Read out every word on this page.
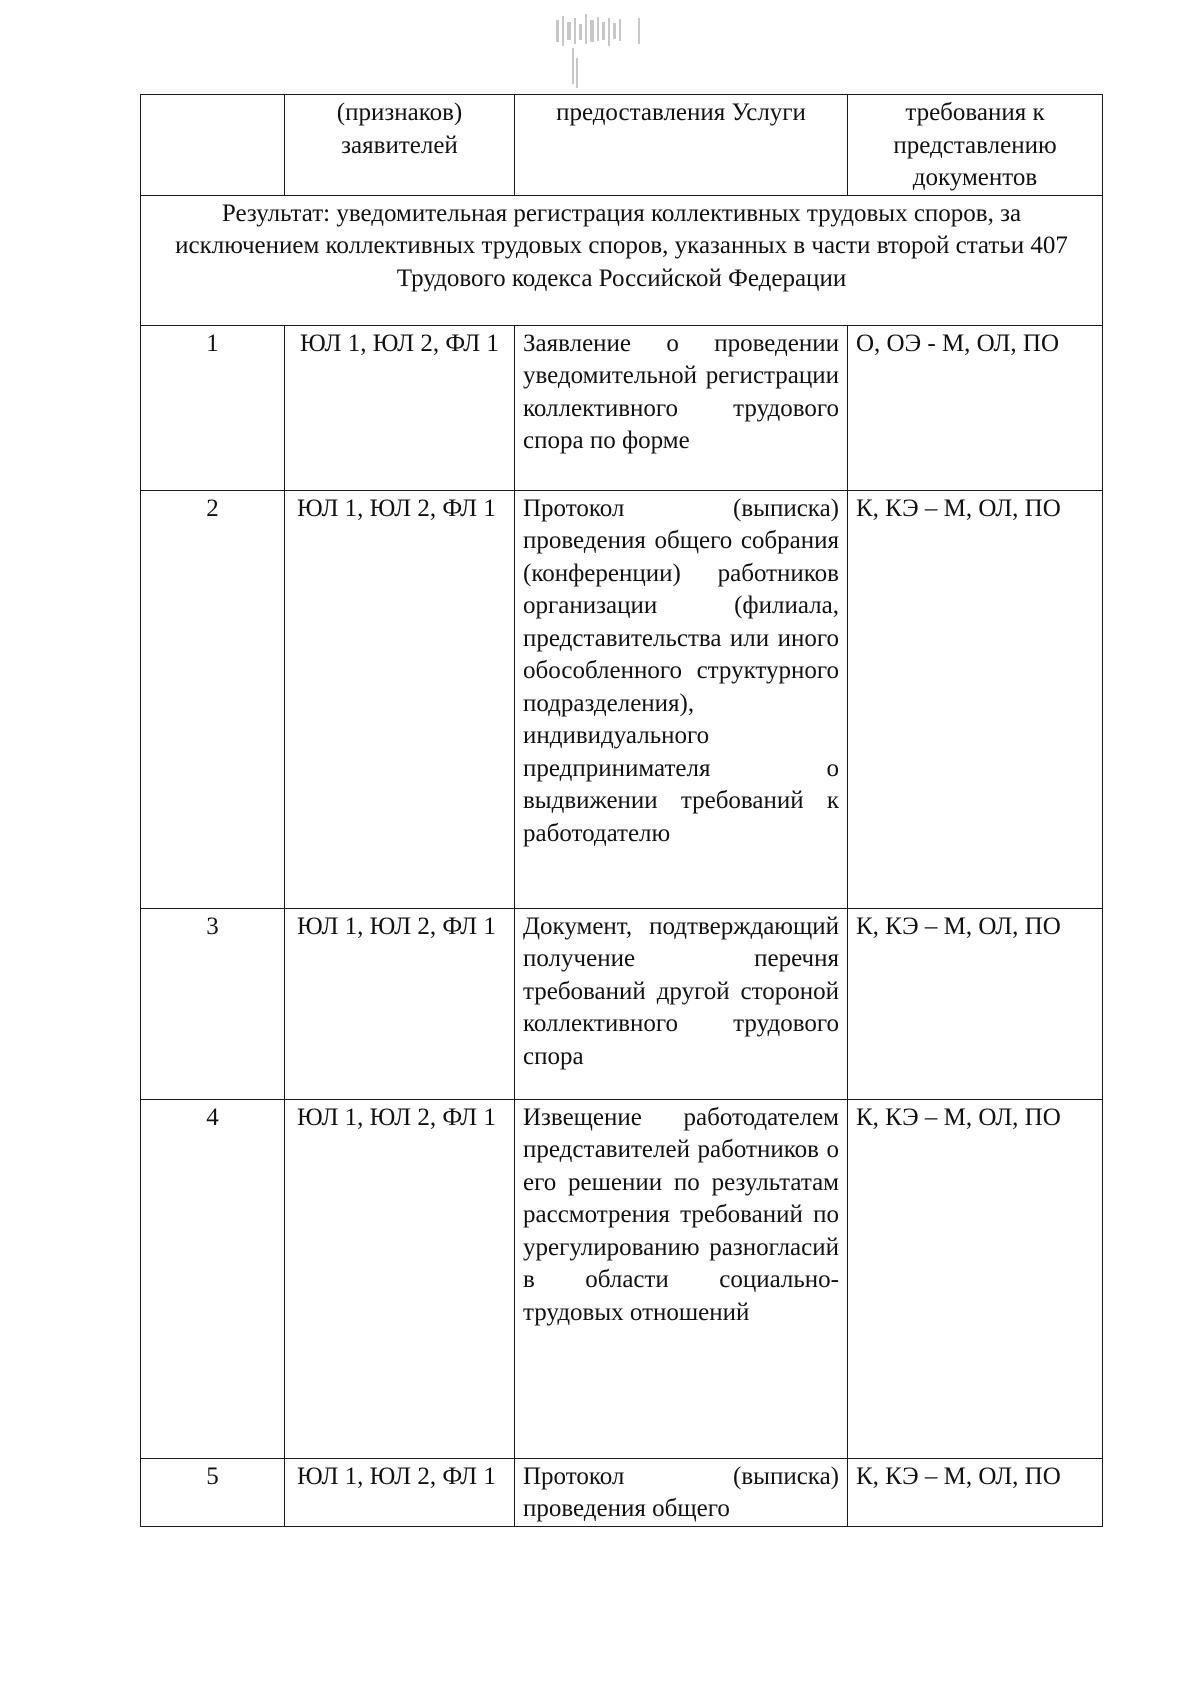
	(признаков) заявителей	предоставления Услуги	требования к представлению документов
Результат: уведомительная регистрация коллективных трудовых споров, за исключением коллективных трудовых споров, указанных в части второй статьи 407 Трудового кодекса Российской Федерации			
1	ЮЛ 1, ЮЛ 2, ФЛ 1	Заявление о проведении уведомительной регистрации коллективного трудового спора по форме	О, ОЭ - М, ОЛ, ПО
2	ЮЛ 1, ЮЛ 2, ФЛ 1	Протокол (выписка) проведения общего собрания (конференции) работников организации (филиала, представительства или иного обособленного структурного подразделения), индивидуального предпринимателя о выдвижении требований к работодателю	К, КЭ – М, ОЛ, ПО
3	ЮЛ 1, ЮЛ 2, ФЛ 1	Документ, подтверждающий получение перечня требований другой стороной коллективного трудового спора	К, КЭ – М, ОЛ, ПО
4	ЮЛ 1, ЮЛ 2, ФЛ 1	Извещение работодателем представителей работников о его решении по результатам рассмотрения требований по урегулированию разногласий в области социально-трудовых отношений	К, КЭ – М, ОЛ, ПО
5	ЮЛ 1, ЮЛ 2, ФЛ 1	Протокол (выписка) проведения общего	К, КЭ – М, ОЛ, ПО
